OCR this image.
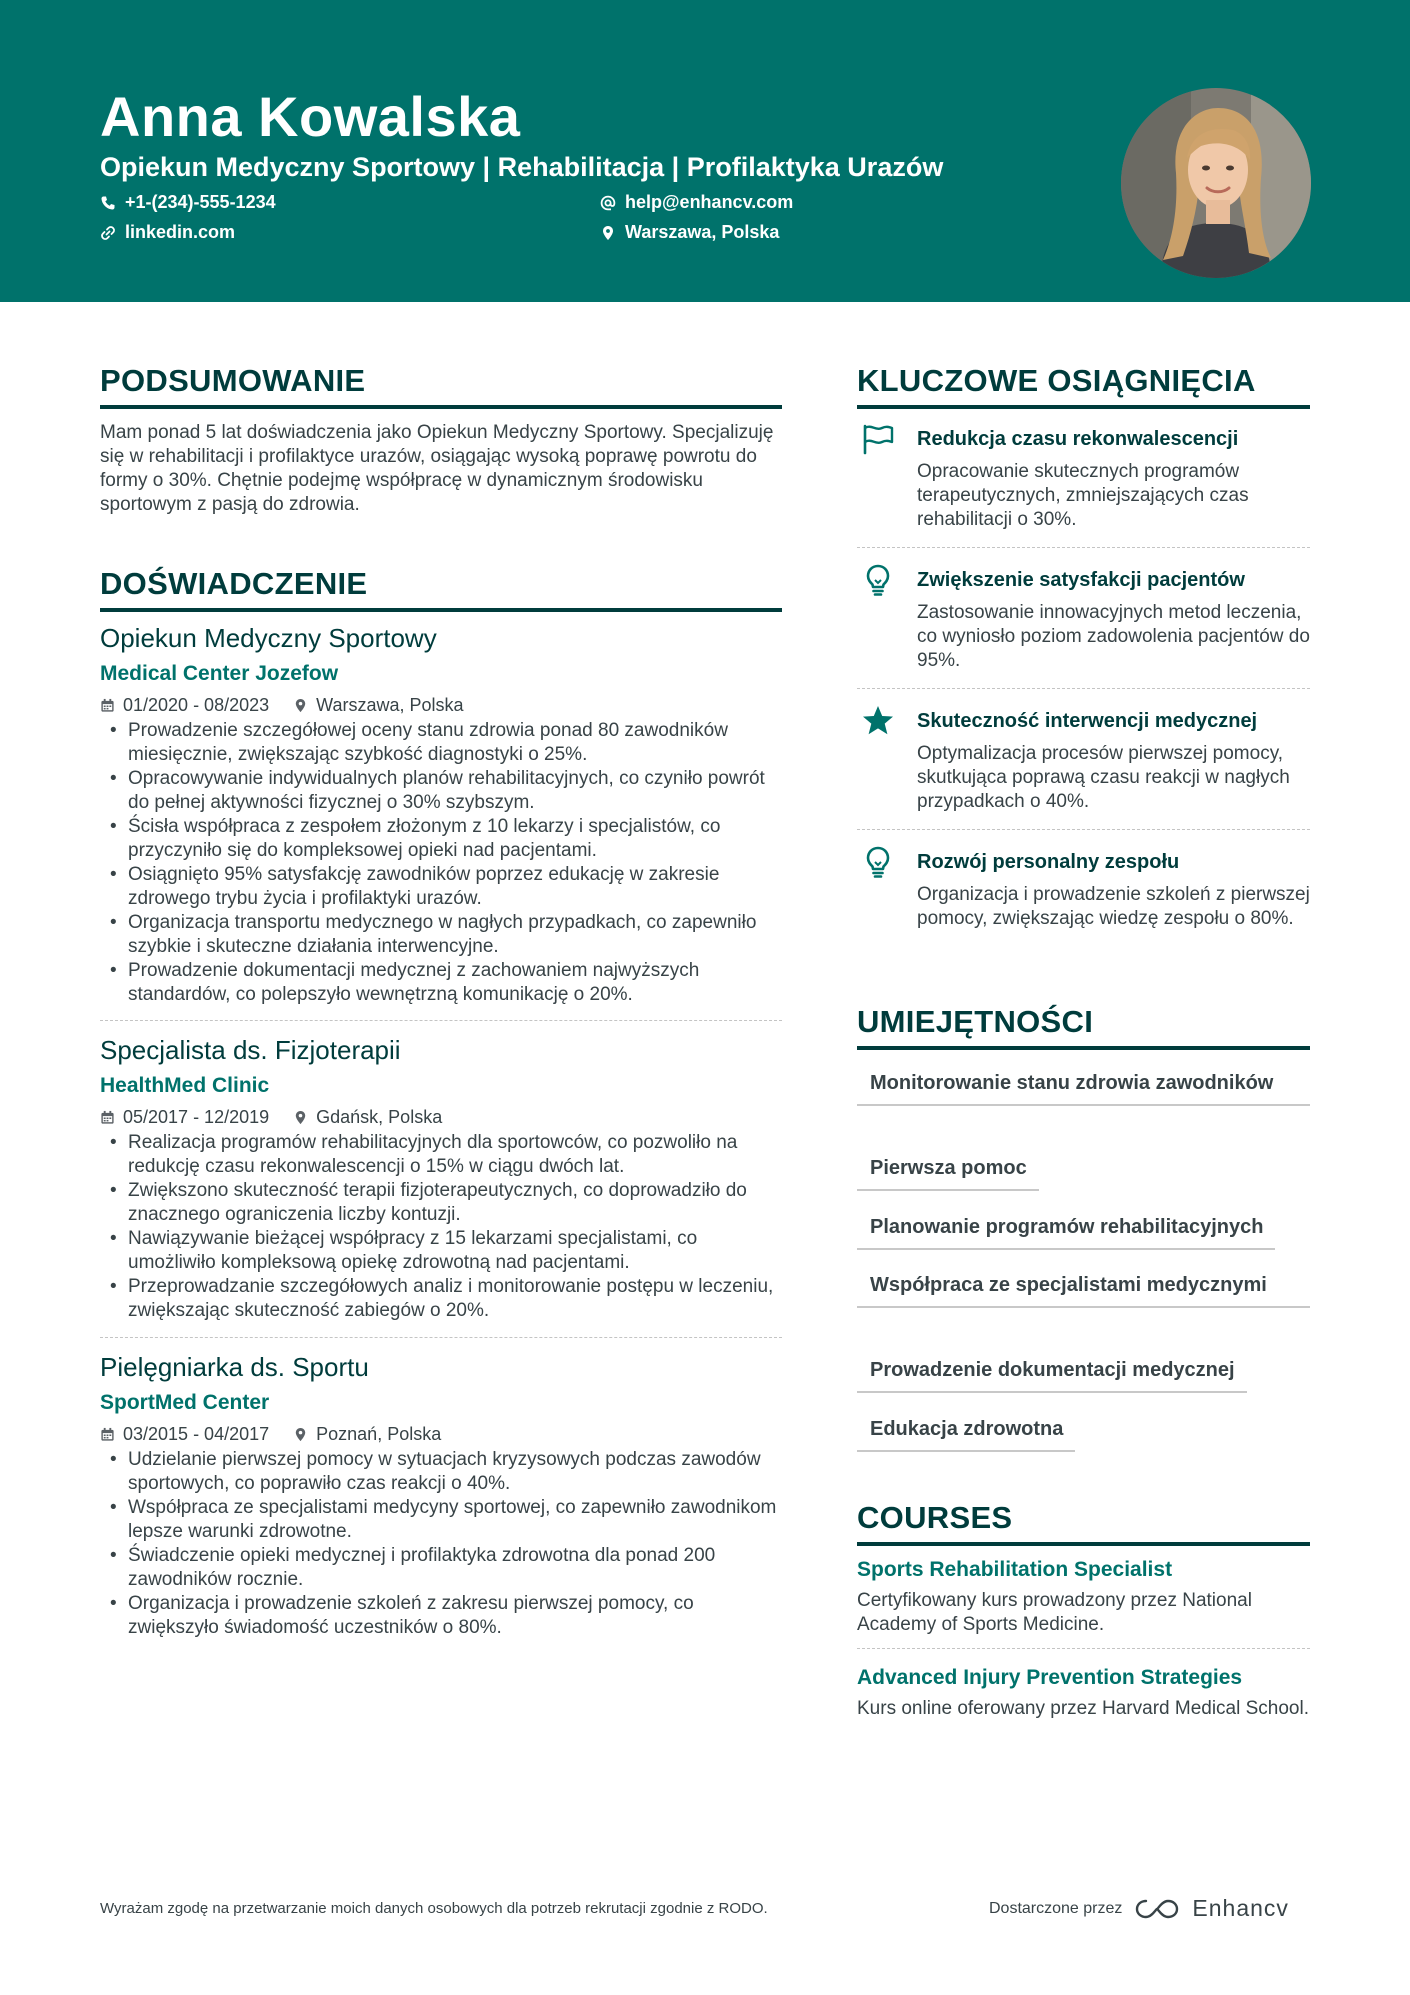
Anna Kowalska
Opiekun Medyczny Sportowy | Rehabilitacja | Profilaktyka Urazów
+1-(234)-555-1234	help@enhancv.com
linkedin.com	Warszawa, Polska
PODSUMOWANIE
Mam ponad 5 lat doświadczenia jako Opiekun Medyczny Sportowy. Specjalizuję się w rehabilitacji i profilaktyce urazów, osiągając wysoką poprawę powrotu do formy o 30%. Chętnie podejmę współpracę w dynamicznym środowisku sportowym z pasją do zdrowia.
DOŚWIADCZENIE
Opiekun Medyczny Sportowy
Medical Center Jozefow
01/2020 - 08/2023	Warszawa, Polska
• Prowadzenie szczegółowej oceny stanu zdrowia ponad 80 zawodników miesięcznie, zwiększając szybkość diagnostyki o 25%.
• Opracowywanie indywidualnych planów rehabilitacyjnych, co czyniło powrót do pełnej aktywności fizycznej o 30% szybszym.
• Ścisła współpraca z zespołem złożonym z 10 lekarzy i specjalistów, co przyczyniło się do kompleksowej opieki nad pacjentami.
• Osiągnięto 95% satysfakcję zawodników poprzez edukację w zakresie zdrowego trybu życia i profilaktyki urazów.
• Organizacja transportu medycznego w nagłych przypadkach, co zapewniło szybkie i skuteczne działania interwencyjne.
• Prowadzenie dokumentacji medycznej z zachowaniem najwyższych standardów, co polepszyło wewnętrzną komunikację o 20%.
Specjalista ds. Fizjoterapii
HealthMed Clinic
05/2017 - 12/2019	Gdańsk, Polska
• Realizacja programów rehabilitacyjnych dla sportowców, co pozwoliło na redukcję czasu rekonwalescencji o 15% w ciągu dwóch lat.
• Zwiększono skuteczność terapii fizjoterapeutycznych, co doprowadziło do znacznego ograniczenia liczby kontuzji.
• Nawiązywanie bieżącej współpracy z 15 lekarzami specjalistami, co umożliwiło kompleksową opiekę zdrowotną nad pacjentami.
• Przeprowadzanie szczegółowych analiz i monitorowanie postępu w leczeniu, zwiększając skuteczność zabiegów o 20%.
Pielęgniarka ds. Sportu
SportMed Center
03/2015 - 04/2017	Poznań, Polska
• Udzielanie pierwszej pomocy w sytuacjach kryzysowych podczas zawodów sportowych, co poprawiło czas reakcji o 40%.
• Współpraca ze specjalistami medycyny sportowej, co zapewniło zawodnikom lepsze warunki zdrowotne.
• Świadczenie opieki medycznej i profilaktyka zdrowotna dla ponad 200 zawodników rocznie.
• Organizacja i prowadzenie szkoleń z zakresu pierwszej pomocy, co zwiększyło świadomość uczestników o 80%.
KLUCZOWE OSIĄGNIĘCIA
Redukcja czasu rekonwalescencji
Opracowanie skutecznych programów terapeutycznych, zmniejszających czas rehabilitacji o 30%.
Zwiększenie satysfakcji pacjentów
Zastosowanie innowacyjnych metod leczenia, co wyniosło poziom zadowolenia pacjentów do 95%.
Skuteczność interwencji medycznej
Optymalizacja procesów pierwszej pomocy, skutkująca poprawą czasu reakcji w nagłych przypadkach o 40%.
Rozwój personalny zespołu
Organizacja i prowadzenie szkoleń z pierwszej pomocy, zwiększając wiedzę zespołu o 80%.
UMIEJĘTNOŚCI
Monitorowanie stanu zdrowia zawodników
Pierwsza pomoc
Planowanie programów rehabilitacyjnych
Współpraca ze specjalistami medycznymi
Prowadzenie dokumentacji medycznej
Edukacja zdrowotna
COURSES
Sports Rehabilitation Specialist
Certyfikowany kurs prowadzony przez National Academy of Sports Medicine.
Advanced Injury Prevention Strategies
Kurs online oferowany przez Harvard Medical School.
Wyrażam zgodę na przetwarzanie moich danych osobowych dla potrzeb rekrutacji zgodnie z RODO.	Dostarczone przez	Enhancv
